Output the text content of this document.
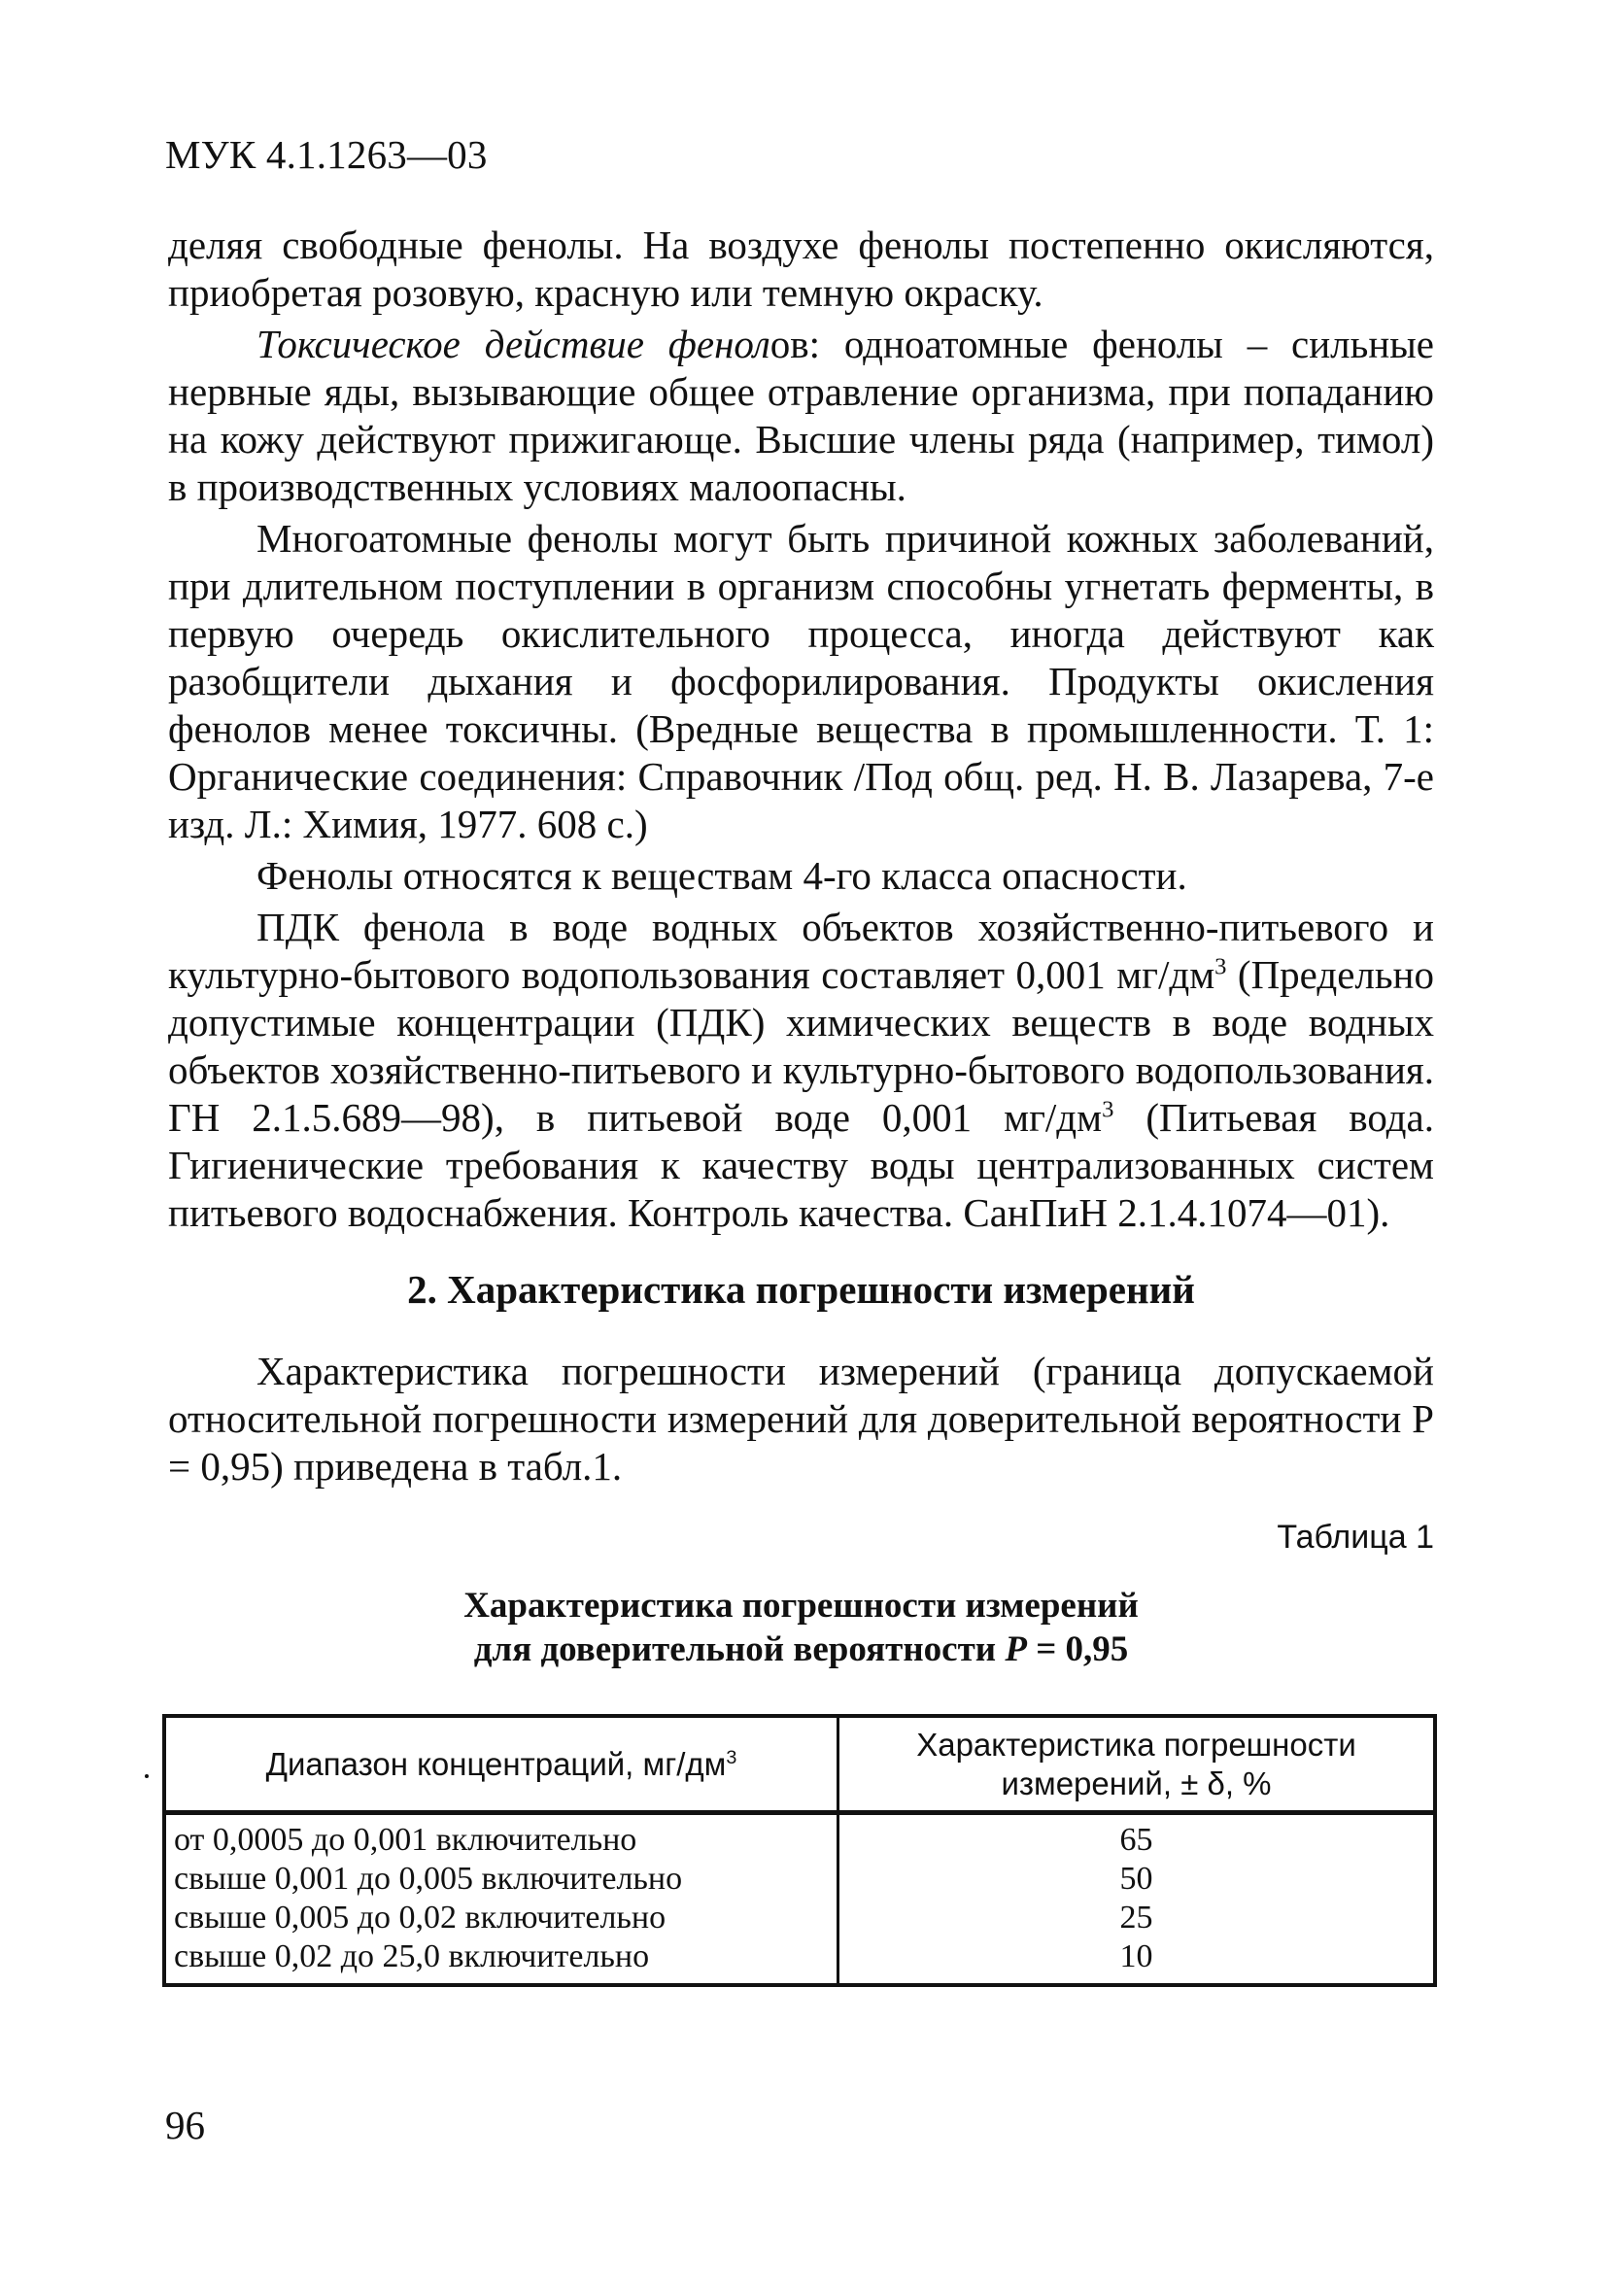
МУК 4.1.1263—03

деляя свободные фенолы. На воздухе фенолы постепенно окисляются, приобретая розовую, красную или темную окраску.

Токсическое действие фенолов: одноатомные фенолы – сильные нервные яды, вызывающие общее отравление организма, при попаданию на кожу действуют прижигающе. Высшие члены ряда (например, тимол) в производственных условиях малоопасны.

Многоатомные фенолы могут быть причиной кожных заболеваний, при длительном поступлении в организм способны угнетать ферменты, в первую очередь окислительного процесса, иногда действуют как разобщители дыхания и фосфорилирования. Продукты окисления фенолов менее токсичны. (Вредные вещества в промышленности. Т. 1: Органические соединения: Справочник /Под общ. ред. Н. В. Лазарева, 7-е изд. Л.: Химия, 1977. 608 с.)

Фенолы относятся к веществам 4-го класса опасности.

ПДК фенола в воде водных объектов хозяйственно-питьевого и культурно-бытового водопользования составляет 0,001 $мг/дм^3$ (Предельно допустимые концентрации (ПДК) химических веществ в воде водных объектов хозяйственно-питьевого и культурно-бытового водопользования. ГН 2.1.5.689—98), в питьевой воде 0,001 $мг/дм^3$ (Питьевая вода. Гигиенические требования к качеству воды централизованных систем питьевого водоснабжения. Контроль качества. СанПиН 2.1.4.1074—01).

2. Характеристика погрешности измерений

Характеристика погрешности измерений (граница допускаемой относительной погрешности измерений для доверительной вероятности Р = 0,95) приведена в табл.1.

Таблица 1
Характеристика погрешности измерений
для доверительной вероятности P = 0,95
Диапазон концентраций, $мг/дм^3$	Характеристика погрешности
измерений, ± δ, %

от 0,0005 до 0,001 включительно	65
свыше 0,001 до 0,005 включительно	50
свыше 0,005 до 0,02 включительно	25
свыше 0,02 до 25,0 включительно	10
96
